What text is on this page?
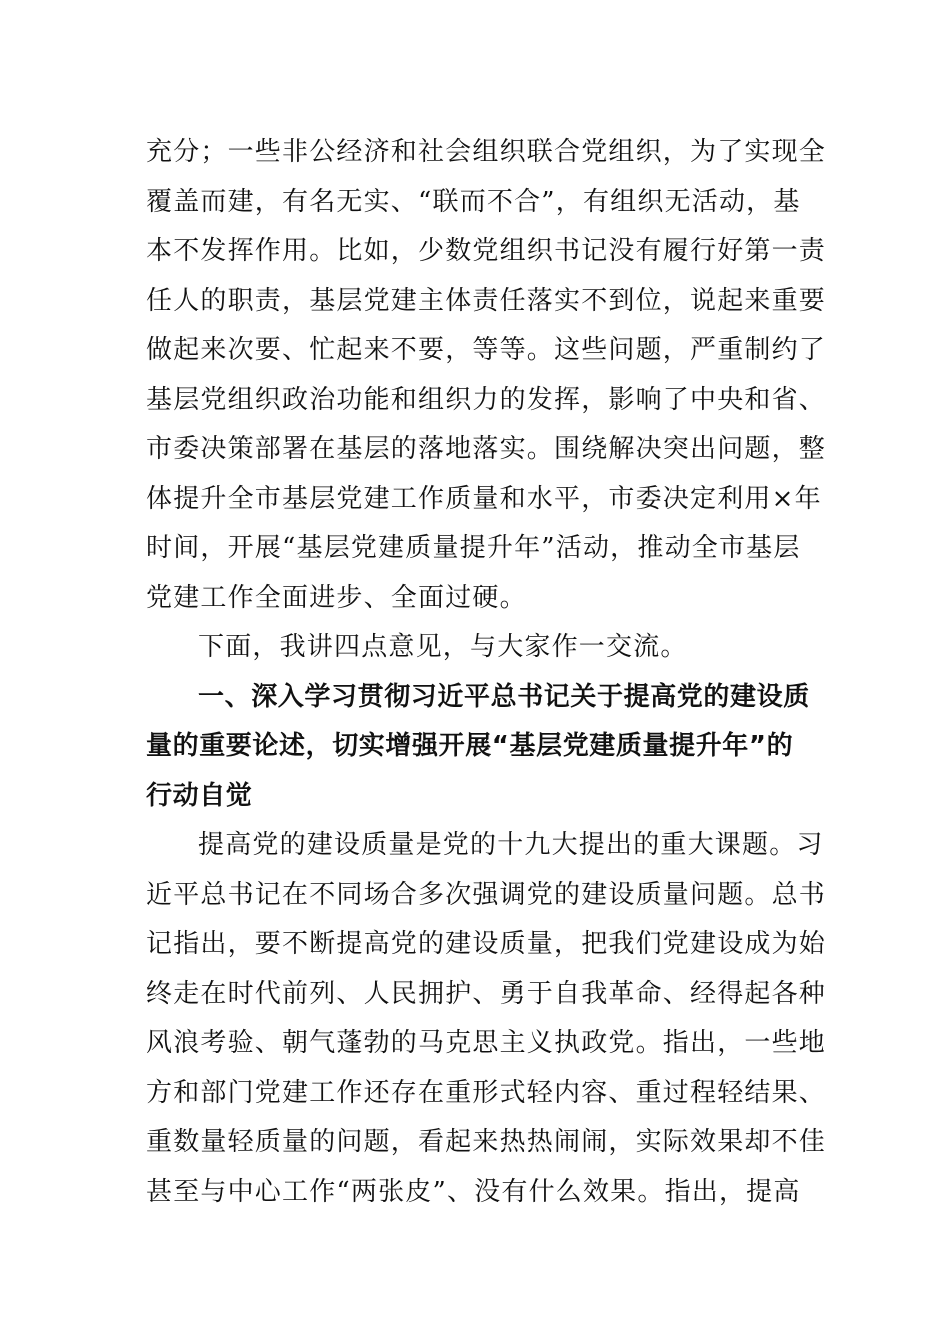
充分；一些非公经济和社会组织联合党组织，为了实现全
覆盖而建，有名无实、“联而不合”，有组织无活动，基
本不发挥作用。比如，少数党组织书记没有履行好第一责
任人的职责，基层党建主体责任落实不到位，说起来重要
做起来次要、忙起来不要，等等。这些问题，严重制约了
基层党组织政治功能和组织力的发挥，影响了中央和省、
市委决策部署在基层的落地落实。围绕解决突出问题，整
体提升全市基层党建工作质量和水平，市委决定利用×年
时间，开展“基层党建质量提升年”活动，推动全市基层
党建工作全面进步、全面过硬。
下面，我讲四点意见，与大家作一交流。
一、深入学习贯彻习近平总书记关于提高党的建设质
量的重要论述，切实增强开展“基层党建质量提升年”的
行动自觉
提高党的建设质量是党的十九大提出的重大课题。习
近平总书记在不同场合多次强调党的建设质量问题。总书
记指出，要不断提高党的建设质量，把我们党建设成为始
终走在时代前列、人民拥护、勇于自我革命、经得起各种
风浪考验、朝气蓬勃的马克思主义执政党。指出，一些地
方和部门党建工作还存在重形式轻内容、重过程轻结果、
重数量轻质量的问题，看起来热热闹闹，实际效果却不佳
甚至与中心工作“两张皮”、没有什么效果。指出，提高
